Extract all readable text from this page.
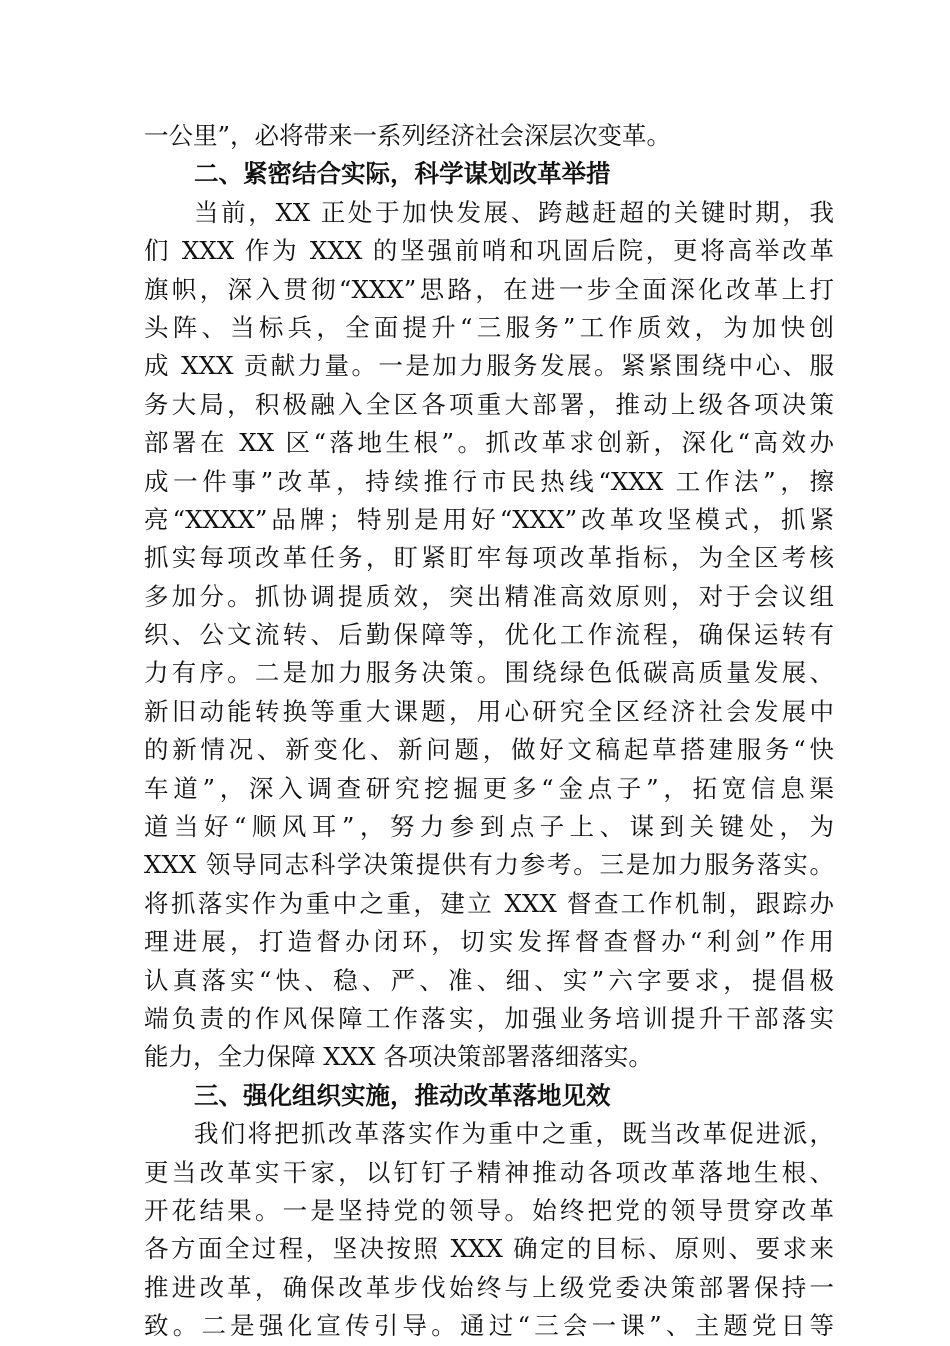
一公里”，必将带来一系列经济社会深层次变革。
二、紧密结合实际，科学谋划改革举措
当前，XX 正处于加快发展、跨越赶超的关键时期，我
们 XXX 作为 XXX 的坚强前哨和巩固后院，更将高举改革
旗帜，深入贯彻“XXX”思路，在进一步全面深化改革上打
头阵、当标兵，全面提升“三服务”工作质效，为加快创
成 XXX 贡献力量。一是加力服务发展。紧紧围绕中心、服
务大局，积极融入全区各项重大部署，推动上级各项决策
部署在 XX 区“落地生根”。抓改革求创新，深化“高效办
成一件事”改革，持续推行市民热线“XXX 工作法”，擦
亮“XXXX”品牌；特别是用好“XXX”改革攻坚模式，抓紧
抓实每项改革任务，盯紧盯牢每项改革指标，为全区考核
多加分。抓协调提质效，突出精准高效原则，对于会议组
织、公文流转、后勤保障等，优化工作流程，确保运转有
力有序。二是加力服务决策。围绕绿色低碳高质量发展、
新旧动能转换等重大课题，用心研究全区经济社会发展中
的新情况、新变化、新问题，做好文稿起草搭建服务“快
车道”，深入调查研究挖掘更多“金点子”，拓宽信息渠
道当好“顺风耳”，努力参到点子上、谋到关键处，为
XXX 领导同志科学决策提供有力参考。三是加力服务落实。
将抓落实作为重中之重，建立 XXX 督查工作机制，跟踪办
理进展，打造督办闭环，切实发挥督查督办“利剑”作用
认真落实“快、稳、严、准、细、实”六字要求，提倡极
端负责的作风保障工作落实，加强业务培训提升干部落实
能力，全力保障 XXX 各项决策部署落细落实。
三、强化组织实施，推动改革落地见效
我们将把抓改革落实作为重中之重，既当改革促进派，
更当改革实干家，以钉钉子精神推动各项改革落地生根、
开花结果。一是坚持党的领导。始终把党的领导贯穿改革
各方面全过程，坚决按照 XXX 确定的目标、原则、要求来
推进改革，确保改革步伐始终与上级党委决策部署保持一
致。二是强化宣传引导。通过“三会一课”、主题党日等
